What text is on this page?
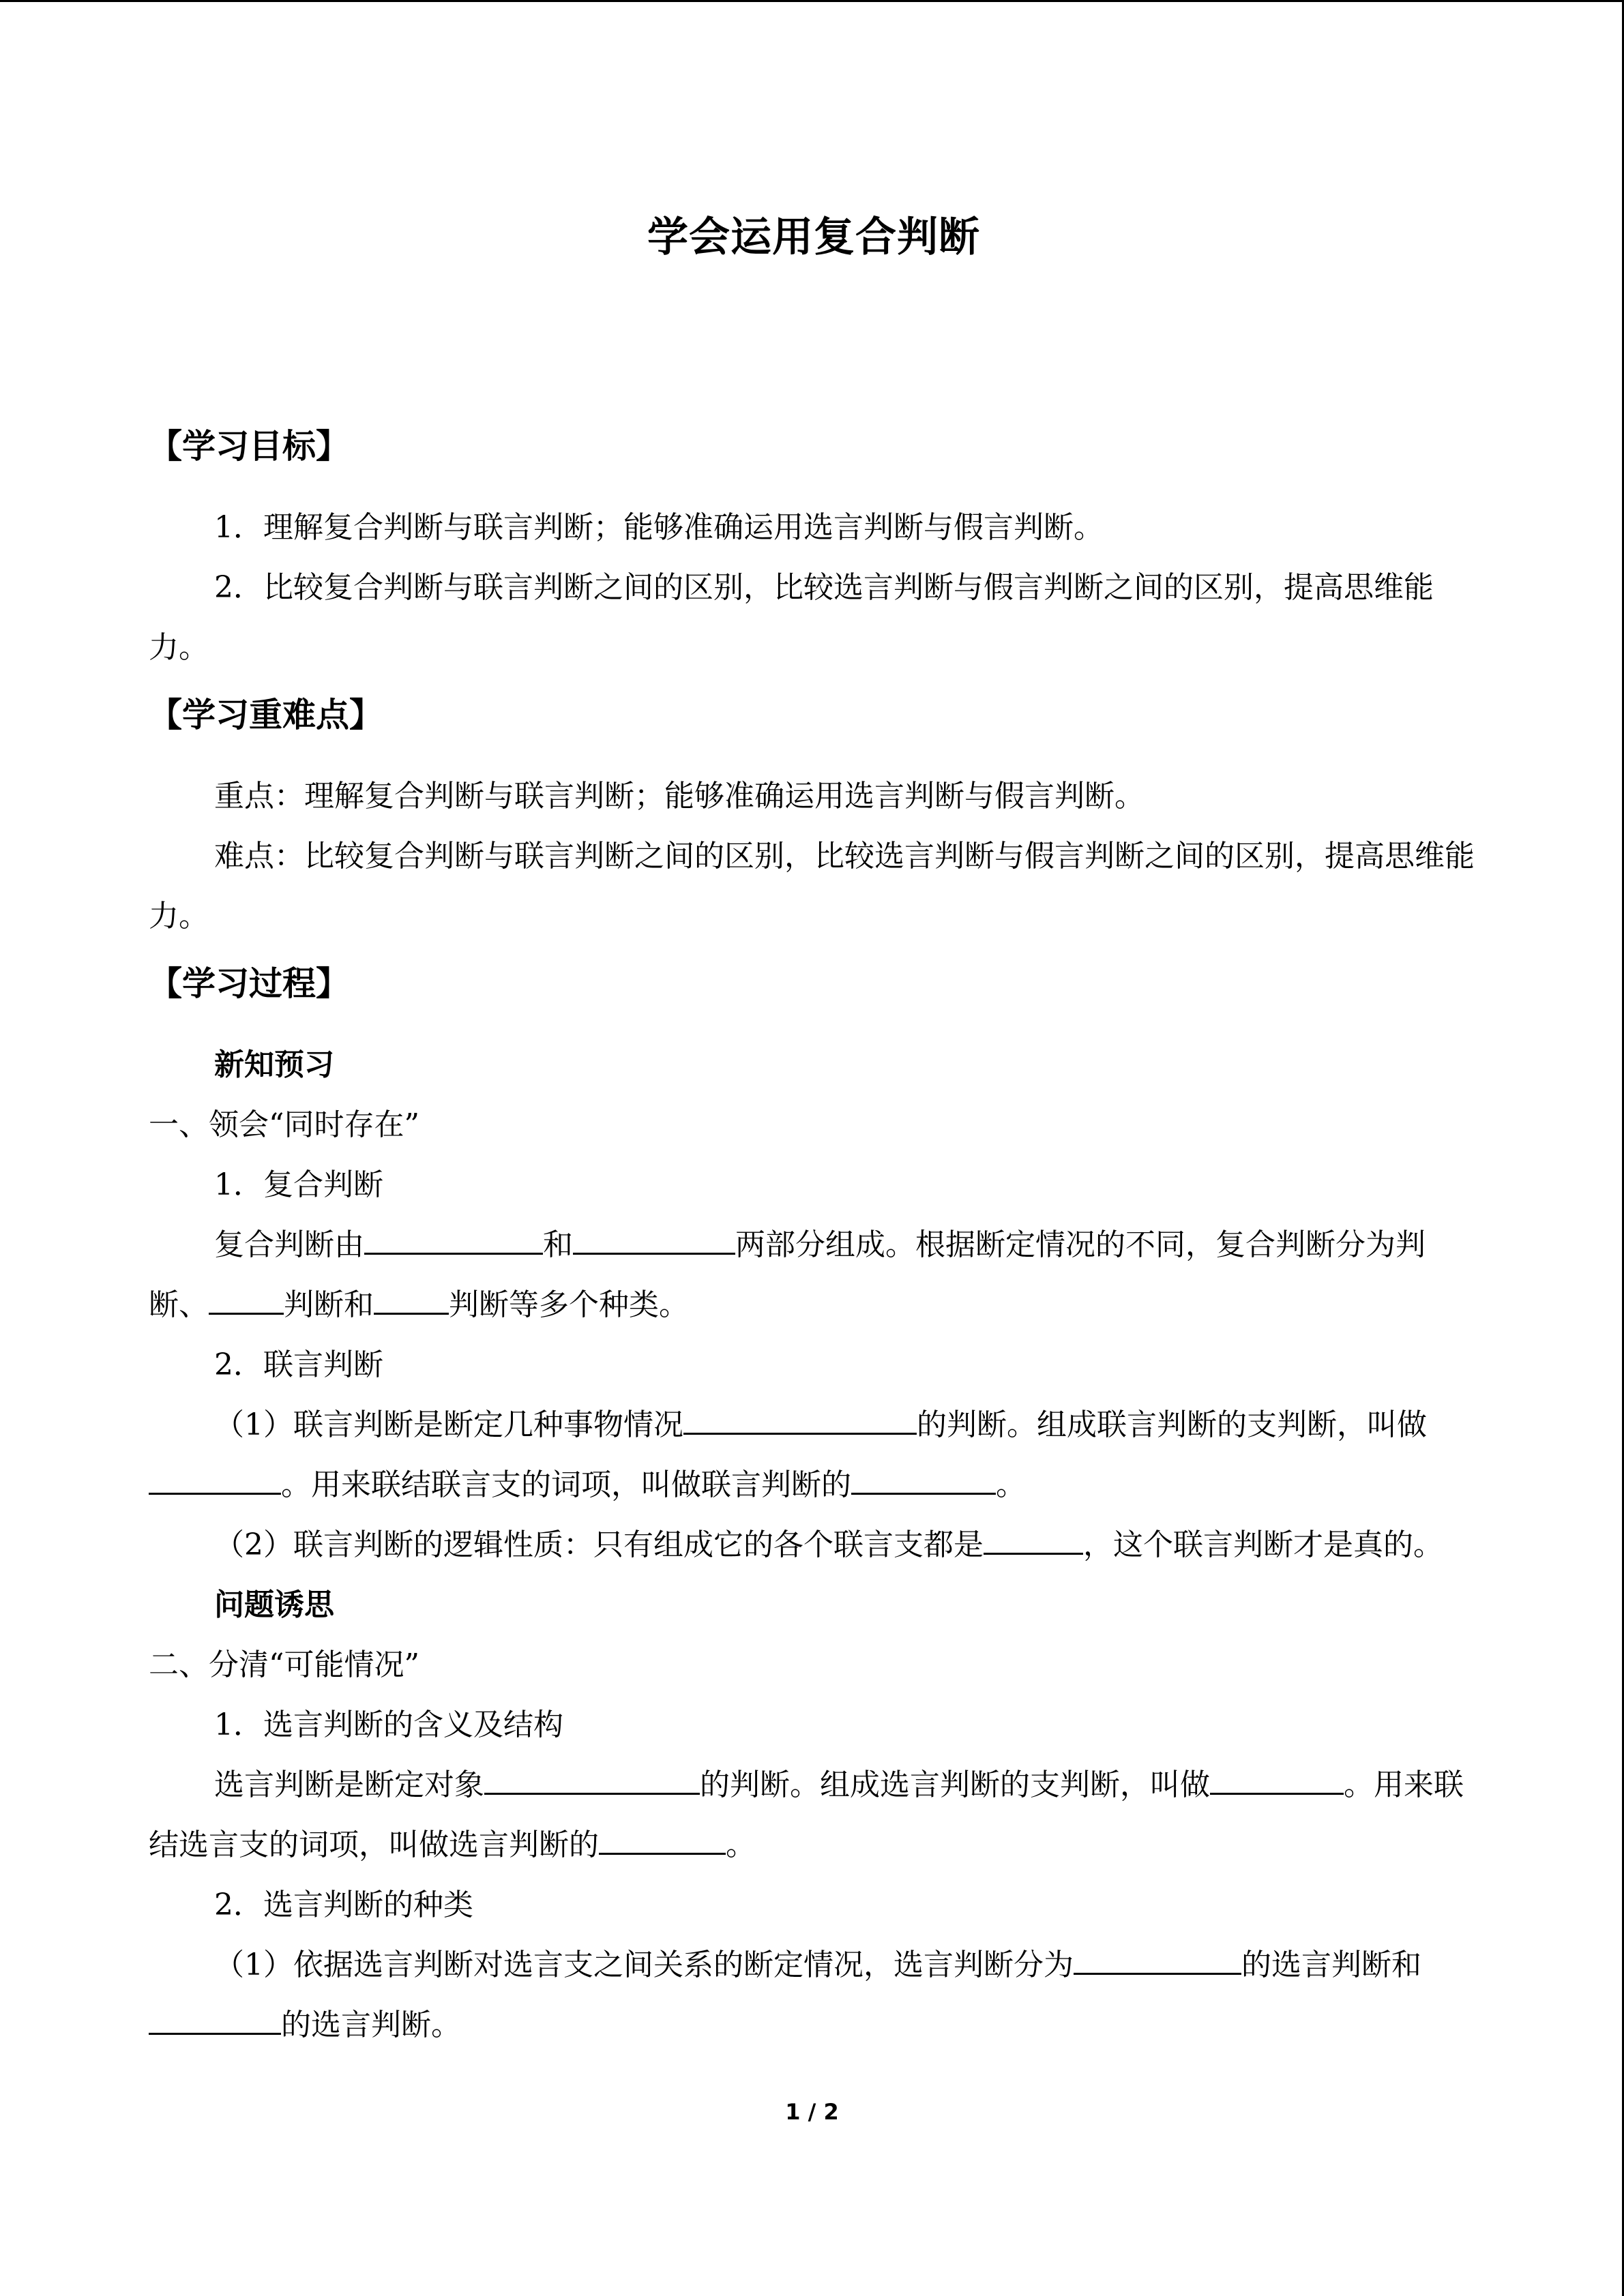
学会运用复合判断
【学习目标】

1．理解复合判断与联言判断；能够准确运用选言判断与假言判断。

2．比较复合判断与联言判断之间的区别，比较选言判断与假言判断之间的区别，提高思维能力。

【学习重难点】

重点：理解复合判断与联言判断；能够准确运用选言判断与假言判断。

难点：比较复合判断与联言判断之间的区别，比较选言判断与假言判断之间的区别，提高思维能力。

【学习过程】

新知预习

一、领会“同时存在”

1．复合判断

复合判断由	和	两部分组成。根据断定情况的不同，复合判断分为判断、	判断和	判断等多个种类。

2．联言判断

（1）联言判断是断定几种事物情况	的判断。组成联言判断的支判断，叫做。用来联结联言支的词项，叫做联言判断的	。

（2）联言判断的逻辑性质：只有组成它的各个联言支都是	，这个联言判断才是真的。

问题诱思

二、分清“可能情况”

1．选言判断的含义及结构

选言判断是断定对象	的判断。组成选言判断的支判断，叫做	。用来联结选言支的词项，叫做选言判断的	。

2．选言判断的种类

（1）依据选言判断对选言支之间关系的断定情况，选言判断分为	的选言判断和的选言判断。

1 / 2
